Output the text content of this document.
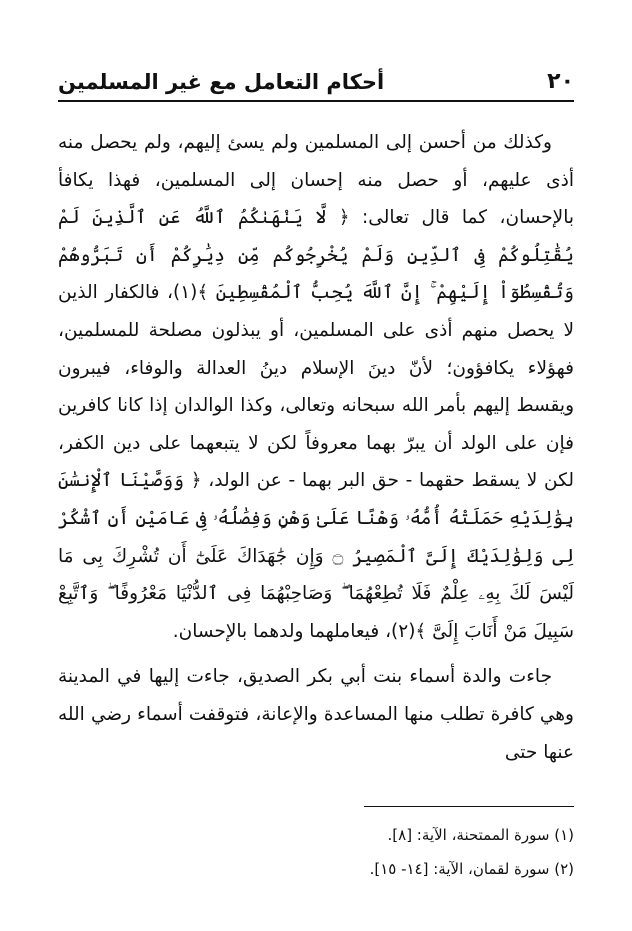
٢٠
أحكام التعامل مع غير المسلمين

وكذلك من أحسن إلى المسلمين ولم يسئ إليهم، ولم يحصل منه أذى عليهم، أو حصل منه إحسان إلى المسلمين، فهذا يكافأ بالإحسان، كما قال تعالى: ﴿ لَّا يَنْهَىٰكُمُ ٱللَّهُ عَنِ ٱلَّذِينَ لَمْ يُقَٰتِلُوكُمْ فِى ٱلدِّينِ وَلَمْ يُخْرِجُوكُم مِّن دِيَٰرِكُمْ أَن تَبَرُّوهُمْ وَتُقْسِطُوٓاْ إِلَيْهِمْ ۚ إِنَّ ٱللَّهَ يُحِبُّ ٱلْمُقْسِطِينَ ﴾(١)، فالكفار الذين لا يحصل منهم أذى على المسلمين، أو يبذلون مصلحة للمسلمين، فهؤلاء يكافؤون؛ لأنّ دينَ الإسلام دينُ العدالة والوفاء، فيبرون ويقسط إليهم بأمر الله سبحانه وتعالى، وكذا الوالدان إذا كانا كافرين فإن على الولد أن يبرّ بهما معروفاً لكن لا يتبعهما على دين الكفر، لكن لا يسقط حقهما - حق البر بهما - عن الولد، ﴿ وَوَصَّيْنَا ٱلْإِنسَٰنَ بِوَٰلِدَيْهِ حَمَلَتْهُ أُمُّهُۥ وَهْنًا عَلَىٰ وَهْنٍ وَفِصَٰلُهُۥ فِى عَامَيْنِ أَنِ ٱشْكُرْ لِى وَلِوَٰلِدَيْكَ إِلَىَّ ٱلْمَصِيرُ ۝ وَإِن جَٰهَدَاكَ عَلَىٰٓ أَن تُشْرِكَ بِى مَا لَيْسَ لَكَ بِهِۦ عِلْمٌ فَلَا تُطِعْهُمَا ۖ وَصَاحِبْهُمَا فِى ٱلدُّنْيَا مَعْرُوفًا ۖ وَٱتَّبِعْ سَبِيلَ مَنْ أَنَابَ إِلَىَّ ﴾(٢)، فيعاملهما ولدهما بالإحسان.

جاءت والدة أسماء بنت أبي بكر الصديق، جاءت إليها في المدينة وهي كافرة تطلب منها المساعدة والإعانة، فتوقفت أسماء رضي الله عنها حتى

(١) سورة الممتحنة، الآية: [٨].
(٢) سورة لقمان، الآية: [١٤- ١٥].
